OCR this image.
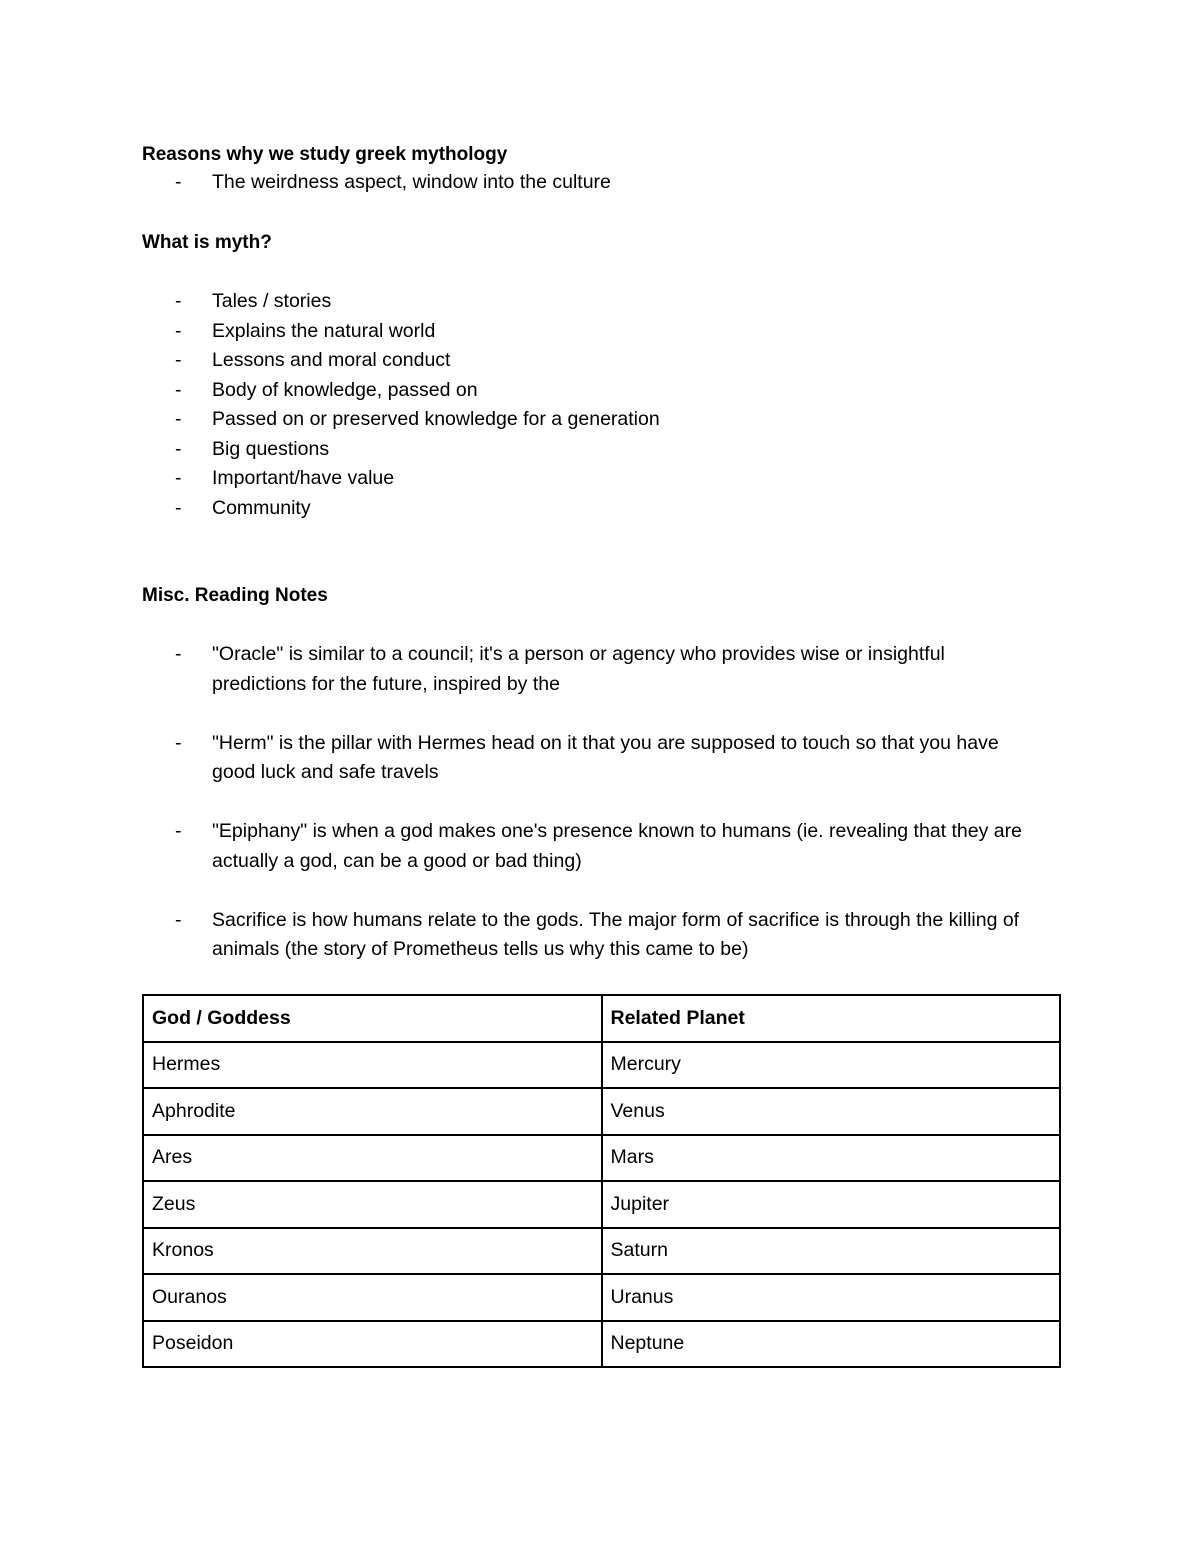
Reasons why we study greek mythology
- The weirdness aspect, window into the culture
What is myth?
- Tales / stories
- Explains the natural world
- Lessons and moral conduct
- Body of knowledge, passed on
- Passed on or preserved knowledge for a generation
- Big questions
- Important/have value
- Community
Misc. Reading Notes
- "Oracle" is similar to a council; it's a person or agency who provides wise or insightful predictions for the future, inspired by the
- "Herm" is the pillar with Hermes head on it that you are supposed to touch so that you have good luck and safe travels
- "Epiphany" is when a god makes one's presence known to humans (ie. revealing that they are actually a god, can be a good or bad thing)
- Sacrifice is how humans relate to the gods. The major form of sacrifice is through the killing of animals (the story of Prometheus tells us why this came to be)
God / Goddess	Related Planet
Hermes	Mercury
Aphrodite	Venus
Ares	Mars
Zeus	Jupiter
Kronos	Saturn
Ouranos	Uranus
Poseidon	Neptune
